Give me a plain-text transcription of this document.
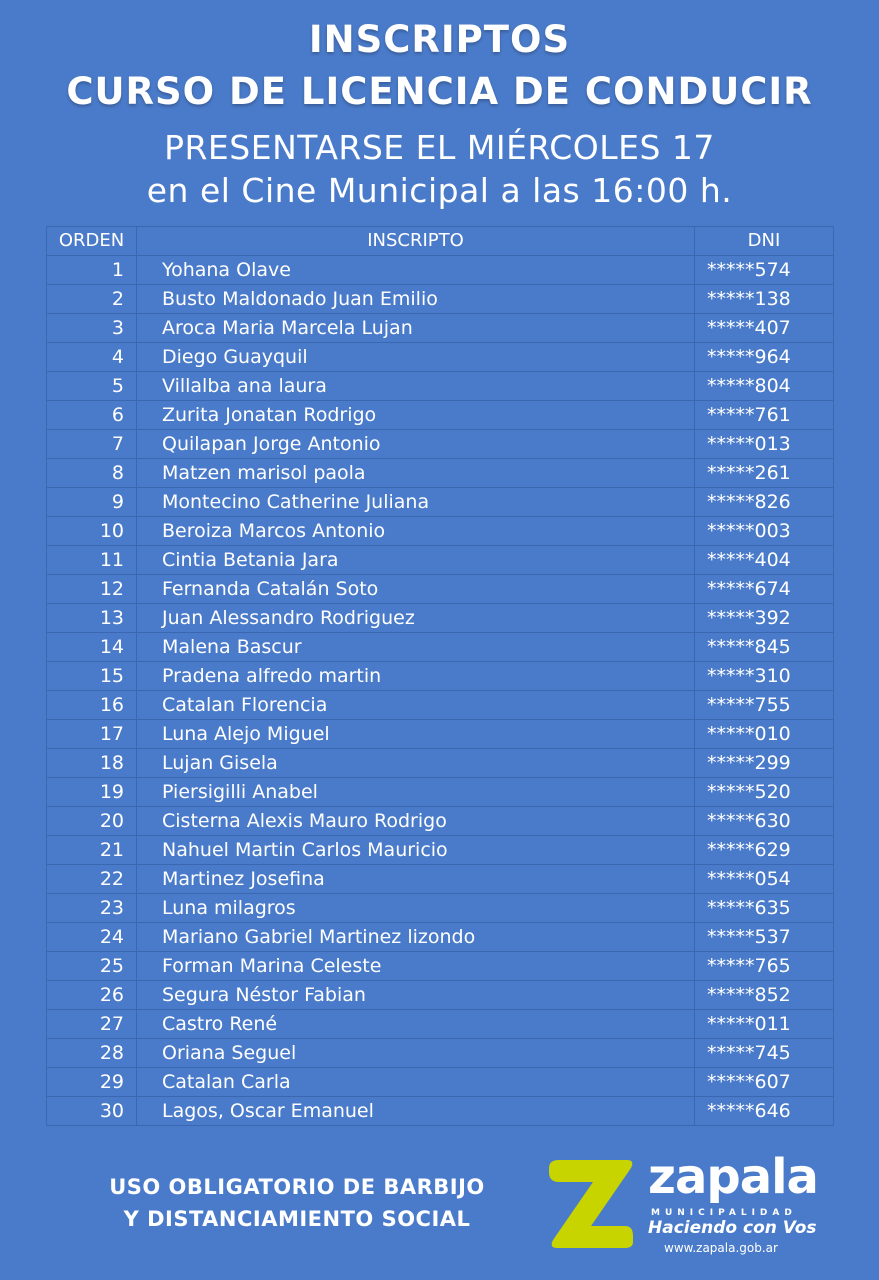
INSCRIPTOS
CURSO DE LICENCIA DE CONDUCIR
PRESENTARSE EL MIÉRCOLES 17
en el Cine Municipal a las 16:00 h.
ORDEN	INSCRIPTO	DNI
1	Yohana Olave	*****574
2	Busto Maldonado Juan Emilio	*****138
3	Aroca Maria Marcela Lujan	*****407
4	Diego Guayquil	*****964
5	Villalba ana laura	*****804
6	Zurita Jonatan Rodrigo	*****761
7	Quilapan Jorge Antonio	*****013
8	Matzen marisol paola	*****261
9	Montecino Catherine Juliana	*****826
10	Beroiza Marcos Antonio	*****003
11	Cintia Betania Jara	*****404
12	Fernanda Catalán Soto	*****674
13	Juan Alessandro Rodriguez	*****392
14	Malena Bascur	*****845
15	Pradena alfredo martin	*****310
16	Catalan Florencia	*****755
17	Luna Alejo Miguel	*****010
18	Lujan Gisela	*****299
19	Piersigilli Anabel	*****520
20	Cisterna Alexis Mauro Rodrigo	*****630
21	Nahuel Martin Carlos Mauricio	*****629
22	Martinez Josefina	*****054
23	Luna milagros	*****635
24	Mariano Gabriel Martinez lizondo	*****537
25	Forman Marina Celeste	*****765
26	Segura Néstor Fabian	*****852
27	Castro René	*****011
28	Oriana Seguel	*****745
29	Catalan Carla	*****607
30	Lagos, Oscar Emanuel	*****646
USO OBLIGATORIO DE BARBIJO
Y DISTANCIAMIENTO SOCIAL
zapala
MUNICIPALIDAD
Haciendo con Vos
www.zapala.gob.ar
